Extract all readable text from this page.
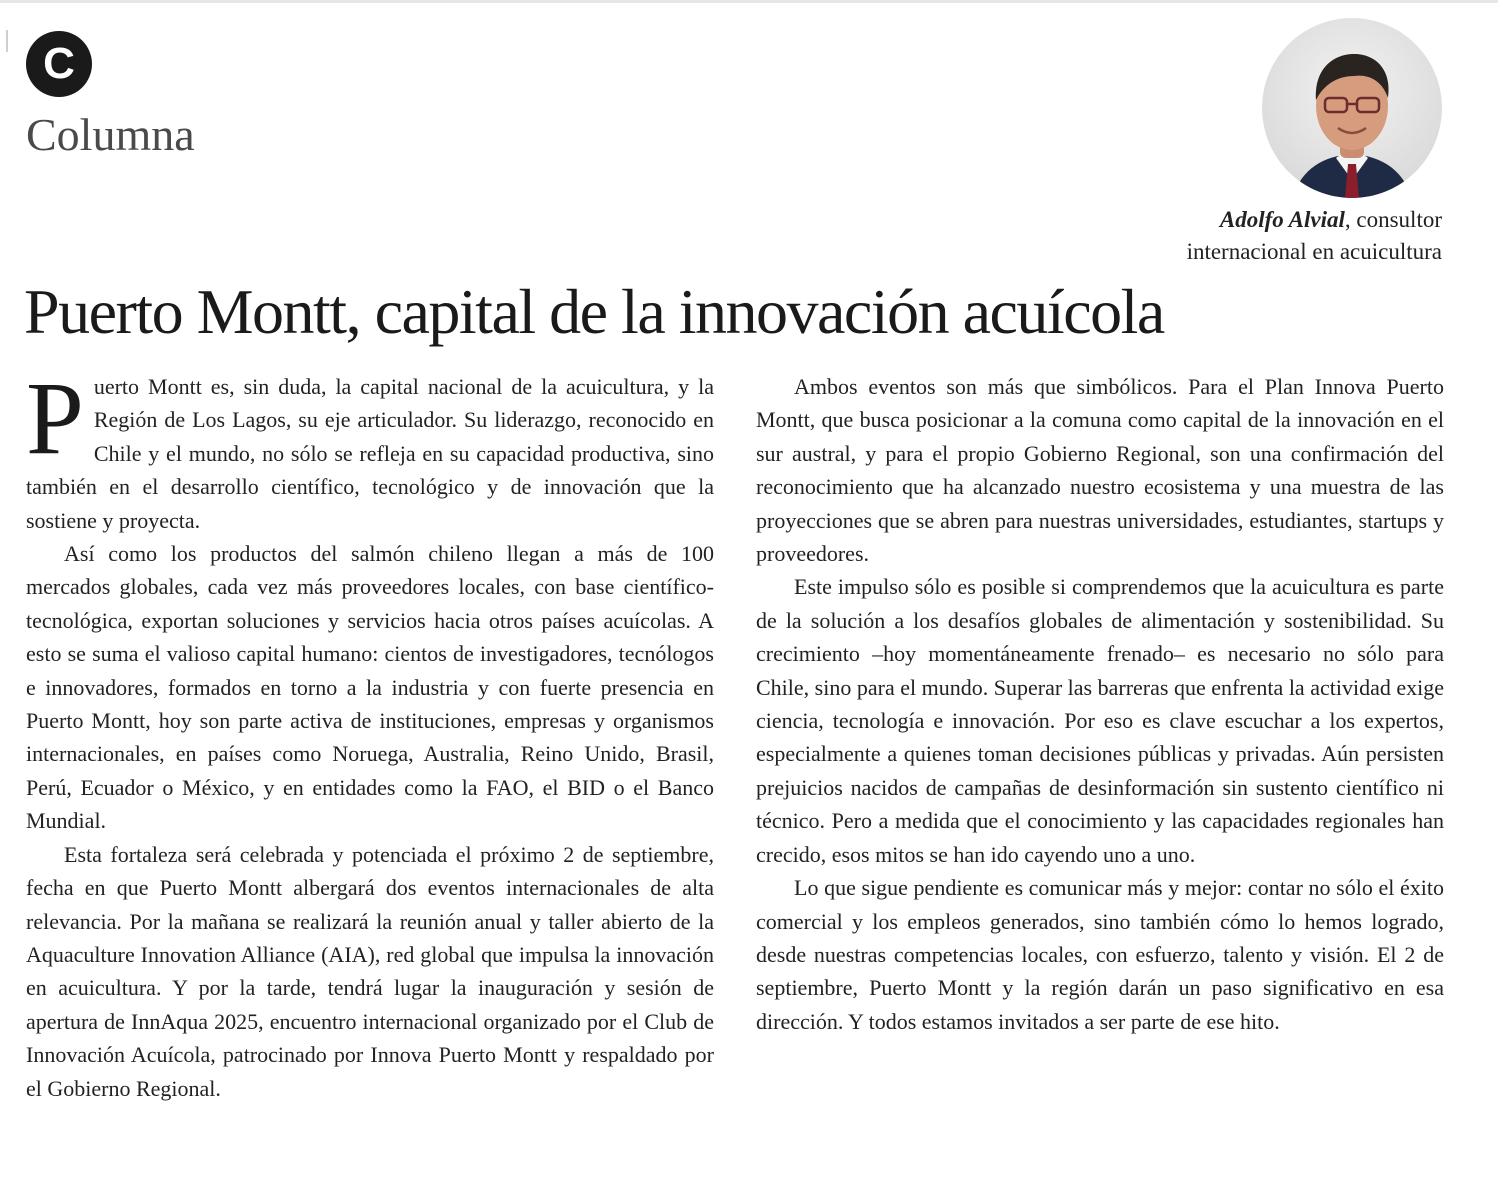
C
Columna
Adolfo Alvial, consultor
internacional en acuicultura
Puerto Montt, capital de la innovación acuícola

Puerto Montt es, sin duda, la capital nacional de la acuicultura, y la Región de Los Lagos, su eje articulador. Su liderazgo, reconocido en Chile y el mundo, no sólo se refleja en su capacidad productiva, sino también en el desarrollo científico, tecnológico y de innovación que la sostiene y proyecta.

Así como los productos del salmón chileno llegan a más de 100 mercados globales, cada vez más proveedores locales, con base científico-tecnológica, exportan soluciones y servicios hacia otros países acuícolas. A esto se suma el valioso capital humano: cientos de investigadores, tecnólogos e innovadores, formados en torno a la industria y con fuerte presencia en Puerto Montt, hoy son parte activa de instituciones, empresas y organismos internacionales, en países como Noruega, Australia, Reino Unido, Brasil, Perú, Ecuador o México, y en entidades como la FAO, el BID o el Banco Mundial.

Esta fortaleza será celebrada y potenciada el próximo 2 de septiembre, fecha en que Puerto Montt albergará dos eventos internacionales de alta relevancia. Por la mañana se realizará la reunión anual y taller abierto de la Aquaculture Innovation Alliance (AIA), red global que impulsa la innovación en acuicultura. Y por la tarde, tendrá lugar la inauguración y sesión de apertura de InnAqua 2025, encuentro internacional organizado por el Club de Innovación Acuícola, patrocinado por Innova Puerto Montt y respaldado por el Gobierno Regional.

Ambos eventos son más que simbólicos. Para el Plan Innova Puerto Montt, que busca posicionar a la comuna como capital de la innovación en el sur austral, y para el propio Gobierno Regional, son una confirmación del reconocimiento que ha alcanzado nuestro ecosistema y una muestra de las proyecciones que se abren para nuestras universidades, estudiantes, startups y proveedores.

Este impulso sólo es posible si comprendemos que la acuicultura es parte de la solución a los desafíos globales de alimentación y sostenibilidad. Su crecimiento –hoy momentáneamente frenado– es necesario no sólo para Chile, sino para el mundo. Superar las barreras que enfrenta la actividad exige ciencia, tecnología e innovación. Por eso es clave escuchar a los expertos, especialmente a quienes toman decisiones públicas y privadas. Aún persisten prejuicios nacidos de campañas de desinformación sin sustento científico ni técnico. Pero a medida que el conocimiento y las capacidades regionales han crecido, esos mitos se han ido cayendo uno a uno.

Lo que sigue pendiente es comunicar más y mejor: contar no sólo el éxito comercial y los empleos generados, sino también cómo lo hemos logrado, desde nuestras competencias locales, con esfuerzo, talento y visión. El 2 de septiembre, Puerto Montt y la región darán un paso significativo en esa dirección. Y todos estamos invitados a ser parte de ese hito.
